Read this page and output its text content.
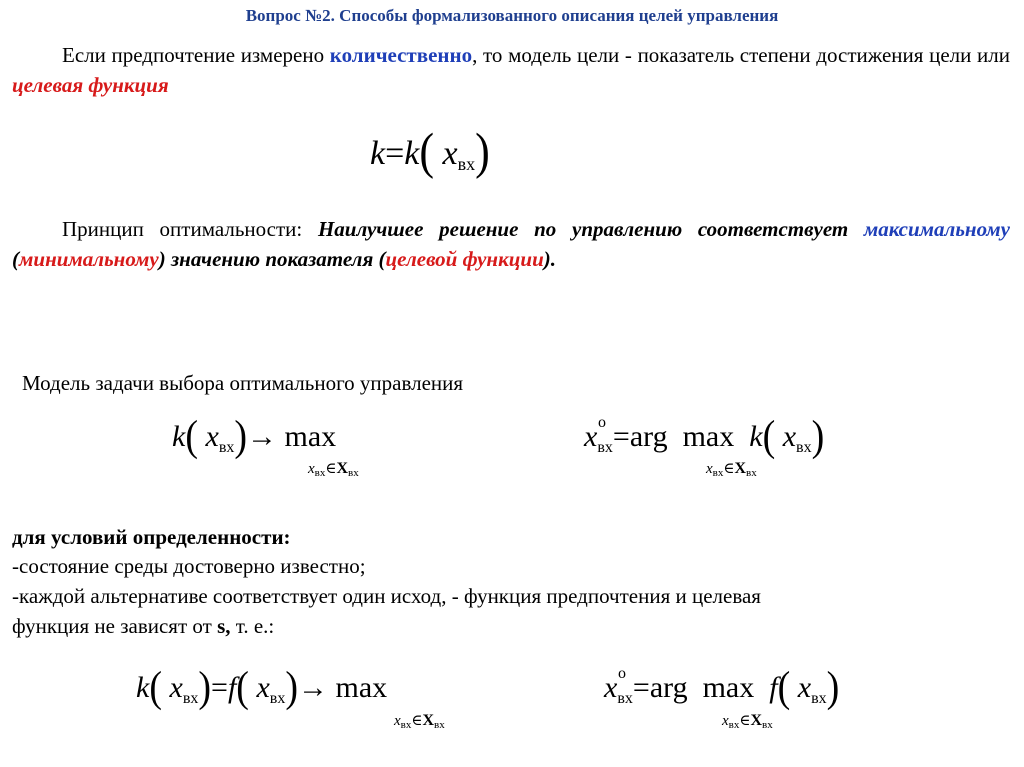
Вопрос №2. Способы формализованного описания целей управления
Если предпочтение измерено количественно, то модель цели - показатель степени достижения цели или целевая функция
k=k( xвх)
Принцип оптимальности: Наилучшее решение по управлению соответствует максимальному (минимальному) значению показателя (целевой функции).
Модель задачи выбора оптимального управления
k( $x_{вх})\to \max$
$x_{вх}\in X_{вх}$
x o
$_{вх}$=arg max k( $x_{вх}$)
$x_{вх}\in X_{вх}$
для условий определенности:
-состояние среды достоверно известно;
-каждой альтернативе соответствует один исход, - функция предпочтения и целевая
функция не зависят от s, т. е.:
k( $x_{вх})=f$( $x_{вх})\to \max$
$x_{вх}\in X_{вх}$
x o
$_{вх}$=arg max f( $x_{вх}$)
$x_{вх}\in X_{вх}$
